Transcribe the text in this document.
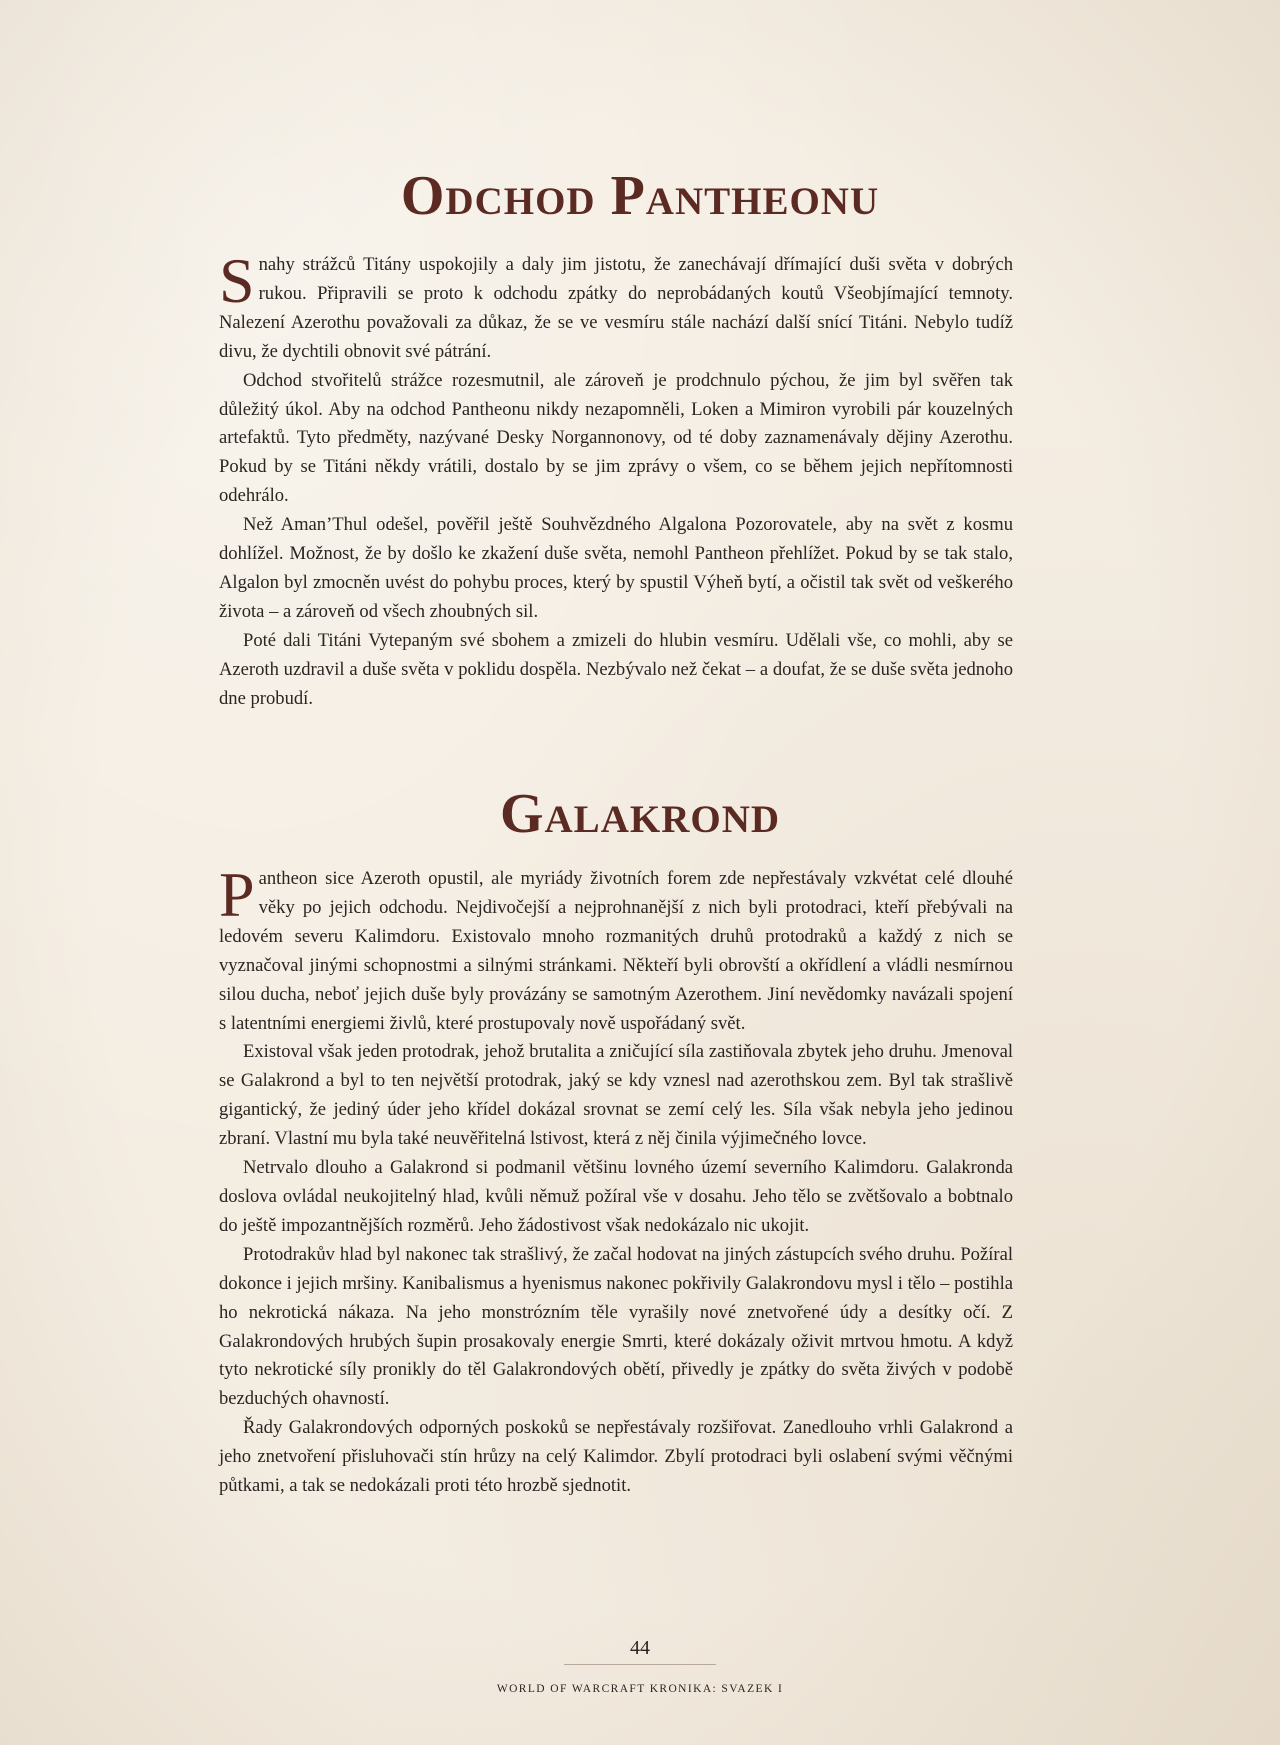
Odchod Pantheonu

Snahy strážců Titány uspokojily a daly jim jistotu, že zanechávají dřímající duši světa v dobrých rukou. Připravili se proto k odchodu zpátky do neprobádaných koutů Všeobjímající temnoty. Nalezení Azerothu považovali za důkaz, že se ve vesmíru stále nachází další snící Titáni. Nebylo tudíž divu, že dychtili obnovit své pátrání.

Odchod stvořitelů strážce rozesmutnil, ale zároveň je prodchnulo pýchou, že jim byl svěřen tak důležitý úkol. Aby na odchod Pantheonu nikdy nezapomněli, Loken a Mimiron vyrobili pár kouzelných artefaktů. Tyto předměty, nazývané Desky Norgannonovy, od té doby zaznamenávaly dějiny Azerothu. Pokud by se Titáni někdy vrátili, dostalo by se jim zprávy o všem, co se během jejich nepřítomnosti odehrálo.

Než Aman’Thul odešel, pověřil ještě Souhvězdného Algalona Pozorovatele, aby na svět z kosmu dohlížel. Možnost, že by došlo ke zkažení duše světa, nemohl Pantheon přehlížet. Pokud by se tak stalo, Algalon byl zmocněn uvést do pohybu proces, který by spustil Výheň bytí, a očistil tak svět od veškerého života – a zároveň od všech zhoubných sil.

Poté dali Titáni Vytepaným své sbohem a zmizeli do hlubin vesmíru. Udělali vše, co mohli, aby se Azeroth uzdravil a duše světa v poklidu dospěla. Nezbývalo než čekat – a doufat, že se duše světa jednoho dne probudí.

Galakrond

Pantheon sice Azeroth opustil, ale myriády životních forem zde nepřestávaly vzkvétat celé dlouhé věky po jejich odchodu. Nejdivočejší a nejprohnanější z nich byli protodraci, kteří přebývali na ledovém severu Kalimdoru. Existovalo mnoho rozmanitých druhů protodraků a každý z nich se vyznačoval jinými schopnostmi a silnými stránkami. Někteří byli obrovští a okřídlení a vládli nesmírnou silou ducha, neboť jejich duše byly provázány se samotným Azerothem. Jiní nevědomky navázali spojení s latentními energiemi živlů, které prostupovaly nově uspořádaný svět.

Existoval však jeden protodrak, jehož brutalita a zničující síla zastiňovala zbytek jeho druhu. Jmenoval se Galakrond a byl to ten největší protodrak, jaký se kdy vznesl nad azerothskou zem. Byl tak strašlivě gigantický, že jediný úder jeho křídel dokázal srovnat se zemí celý les. Síla však nebyla jeho jedinou zbraní. Vlastní mu byla také neuvěřitelná lstivost, která z něj činila výjimečného lovce.

Netrvalo dlouho a Galakrond si podmanil většinu lovného území severního Kalimdoru. Galakronda doslova ovládal neukojitelný hlad, kvůli němuž požíral vše v dosahu. Jeho tělo se zvětšovalo a bobtnalo do ještě impozantnějších rozměrů. Jeho žádostivost však nedokázalo nic ukojit.

Protodrakův hlad byl nakonec tak strašlivý, že začal hodovat na jiných zástupcích svého druhu. Požíral dokonce i jejich mršiny. Kanibalismus a hyenismus nakonec pokřivily Galakrondovu mysl i tělo – postihla ho nekrotická nákaza. Na jeho monstrózním těle vyrašily nové znetvořené údy a desítky očí. Z Galakrondových hrubých šupin prosakovaly energie Smrti, které dokázaly oživit mrtvou hmotu. A když tyto nekrotické síly pronikly do těl Galakrondových obětí, přivedly je zpátky do světa živých v podobě bezduchých ohavností.

Řady Galakrondových odporných poskoků se nepřestávaly rozšiřovat. Zanedlouho vrhli Galakrond a jeho znetvoření přisluhovači stín hrůzy na celý Kalimdor. Zbylí protodraci byli oslabení svými věčnými půtkami, a tak se nedokázali proti této hrozbě sjednotit.

44
WORLD OF WARCRAFT KRONIKA: SVAZEK I
